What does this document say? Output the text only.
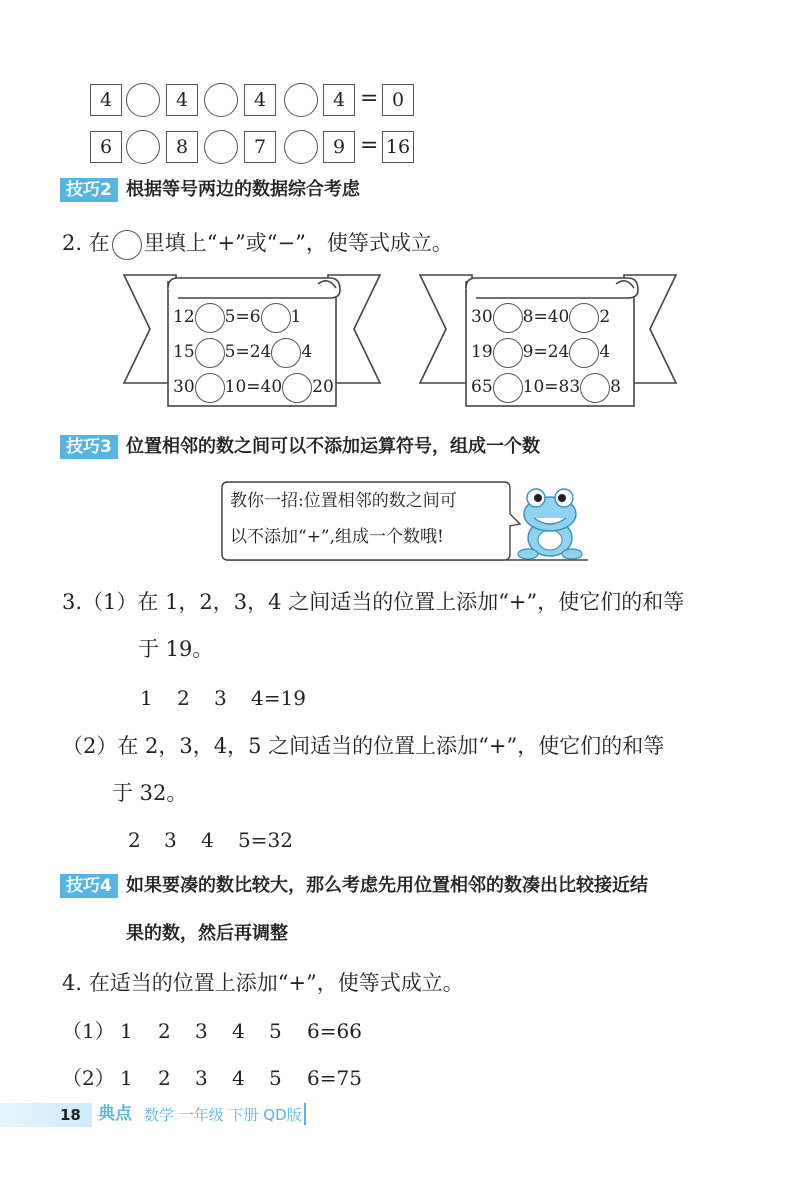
4	4	4	4 = 0
6	8	7	9 = 16
技巧2 根据等号两边的数据综合考虑
2. 在 里填上“+”或“−”，使等式成立。
12 5=6 1
15 5=24 4
30 10=40 20
30 8=40 2
19 9=24 4
65 10=83 8
技巧3 位置相邻的数之间可以不添加运算符号，组成一个数
教你一招:位置相邻的数之间可
以不添加“+”,组成一个数哦!
3.（1）在 1，2，3，4 之间适当的位置上添加“+”，使它们的和等
于 19。
1 2 3 4=19
（2）在 2，3，4，5 之间适当的位置上添加“+”，使它们的和等
于 32。
2 3 4 5=32
技巧4 如果要凑的数比较大，那么考虑先用位置相邻的数凑出比较接近结
果的数，然后再调整
4. 在适当的位置上添加“+”，使等式成立。
（1） 1 2 3 4 5 6=66
（2） 1 2 3 4 5 6=75
18 典点 数学 一年级 下册 QD版
